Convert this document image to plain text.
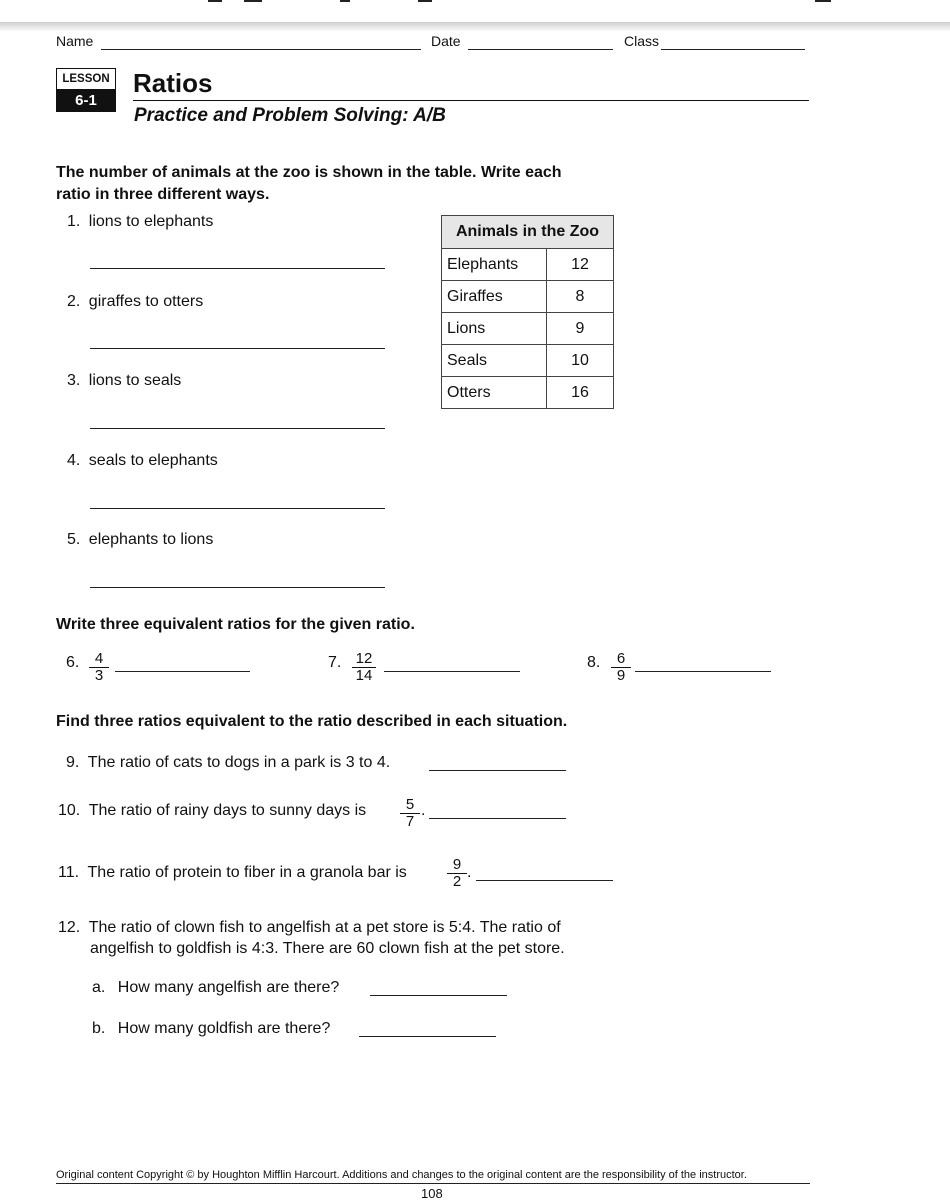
Name	Date	Class
LESSON
6-1
Ratios
Practice and Problem Solving: A/B
The number of animals at the zoo is shown in the table. Write each
ratio in three different ways.
1. lions to elephants
2. giraffes to otters
3. lions to seals
4. seals to elephants
5. elephants to lions
Animals in the Zoo	
Elephants	12
Giraffes	8
Lions	9
Seals	10
Otters	16
Write three equivalent ratios for the given ratio.
6. $\frac{4}{3}$	7. $\frac{12}{14}$	8. $\frac{6}{9}$
Find three ratios equivalent to the ratio described in each situation.
9. The ratio of cats to dogs in a park is 3 to 4.
10. The ratio of rainy days to sunny days is $\frac{5}{7}$ .
11. The ratio of protein to fiber in a granola bar is	$\frac{9}{2}$ .
12. The ratio of clown fish to angelfish at a pet store is 5:4. The ratio of
angelfish to goldfish is 4:3. There are 60 clown fish at the pet store.
a. How many angelfish are there?
b. How many goldfish are there?
Original content Copyright © by Houghton Mifflin Harcourt. Additions and changes to the original content are the responsibility of the instructor.
108
